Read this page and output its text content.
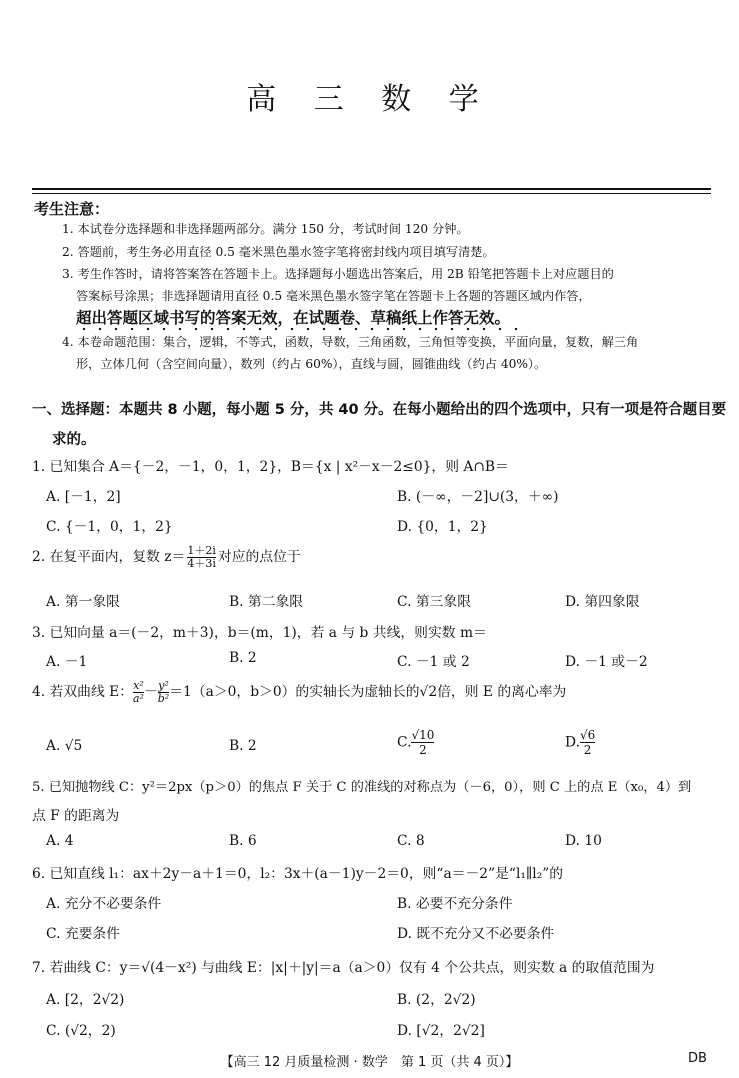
高 三 数 学
考生注意：
1. 本试卷分选择题和非选择题两部分。满分 150 分，考试时间 120 分钟。
2. 答题前，考生务必用直径 0.5 毫米黑色墨水签字笔将密封线内项目填写清楚。
3. 考生作答时，请将答案答在答题卡上。选择题每小题选出答案后，用 2B 铅笔把答题卡上对应题目的
答案标号涂黑；非选择题请用直径 0.5 毫米黑色墨水签字笔在答题卡上各题的答题区域内作答，
超出答题区域书写的答案无效，在试题卷、草稿纸上作答无效。
4. 本卷命题范围：集合，逻辑，不等式，函数，导数，三角函数，三角恒等变换，平面向量，复数，解三角
形，立体几何（含空间向量），数列（约占 60%），直线与圆，圆锥曲线（约占 40%）。
一、选择题：本题共 8 小题，每小题 5 分，共 40 分。在每小题给出的四个选项中，只有一项是符合题目要
求的。
1. 已知集合 A＝{－2，－1，0，1，2}，B＝{x | x²－x－2≤0}，则 A∩B＝
A. [－1，2]	B. (－∞，－2]∪(3，＋∞)
C. {－1，0，1，2}	D. {0，1，2}
2. 在复平面内，复数 $z= \frac{1+2i}{4+3i}$ 对应的点位于
A. 第一象限	B. 第二象限	C. 第三象限	D. 第四象限
3. 已知向量 a＝(－2，m＋3)，b＝(m，1)，若 a 与 b 共线，则实数 m＝
A. －1	B. 2	C. －1 或 2	D. －1 或－2
4. 若双曲线 E： $\frac{\text{x²}}{\text{a²}} - \frac{\text{y²}}{\text{b²}} =1(a>0$，b＞0）的实轴长为虚轴长的√2倍，则 E 的离心率为
A. √5	B. 2	C. $\frac{√10}{2}$	D. $\frac{√6}{2}$
5. 已知抛物线 C：y²＝2px（p＞0）的焦点 F 关于 C 的准线的对称点为（－6，0），则 C 上的点 E（x₀，4）到
点 F 的距离为
A. 4	B. 6	C. 8	D. 10
6. 已知直线 l₁：ax＋2y－a＋1＝0，l₂：3x＋(a－1)y－2＝0，则“a＝－2”是“l₁∥l₂”的
A. 充分不必要条件	B. 必要不充分条件
C. 充要条件	D. 既不充分又不必要条件
7. 若曲线 C：y＝√(4－x²) 与曲线 E：|x|＋|y|＝a（a＞0）仅有 4 个公共点，则实数 a 的取值范围为
A. [2，2√2)	B. (2，2√2)
C. (√2，2)	D. [√2，2√2]
【高三 12 月质量检测 · 数学　第 1 页（共 4 页）】	DB
